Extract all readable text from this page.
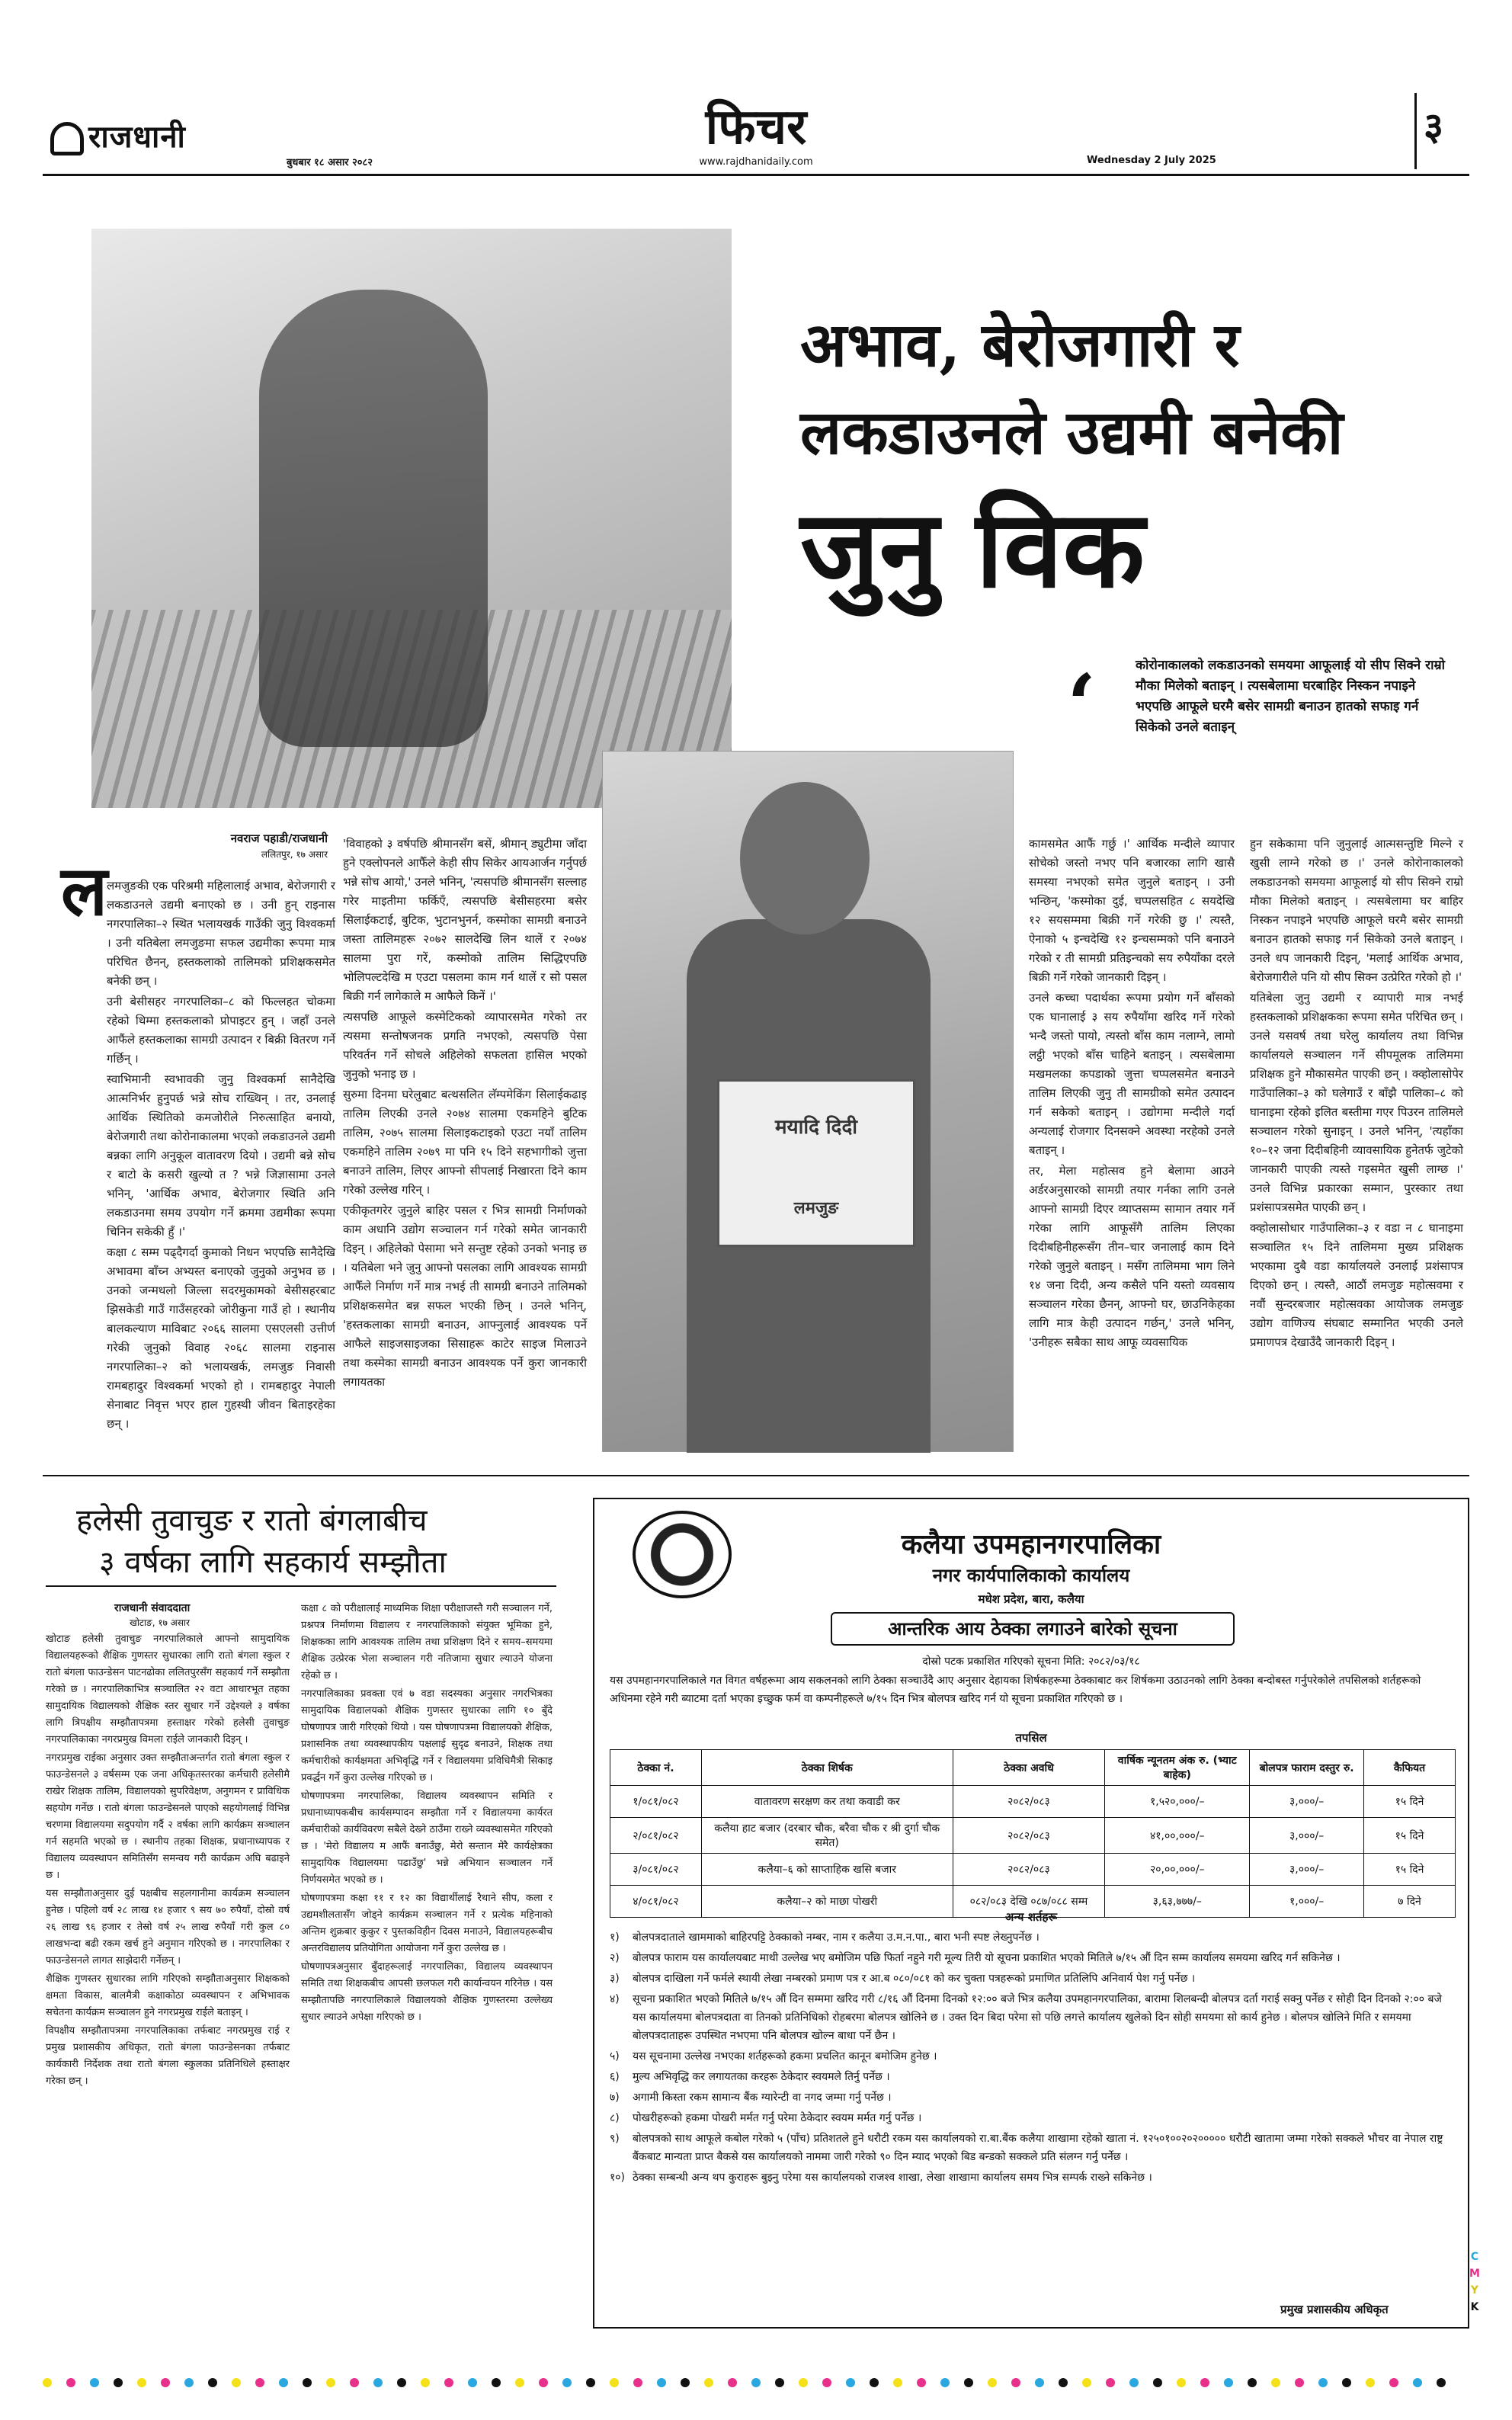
राजधानी
बुधबार १८ असार २०८२
फिचर
www.rajdhanidaily.com	Wednesday 2 July 2025
३
अभाव, बेरोजगारी र
लकडाउनले उद्यमी बनेकी
जुनु विक
‘	कोरोनाकालको लकडाउनको समयमा आफूलाई यो सीप सिक्ने राम्रो मौका मिलेको बताइन् । त्यसबेलामा घरबाहिर निस्कन नपाइने भएपछि आफूले घरमै बसेर सामग्री बनाउन हातको सफाइ गर्न सिकेको उनले बताइन्
मयादि दिदी
लमजुङ
नवराज पहाडी/राजधानी
ललितपुर, १७ असार
ल

लमजुङकी एक परिश्रमी महिलालाई अभाव, बेरोजगारी र लकडाउनले उद्यमी बनाएको छ । उनी हुन् राइनास नगरपालिका–२ स्थित भलायखर्क गाउँकी जुनु विश्वकर्मा । उनी यतिबेला लमजुङमा सफल उद्यमीका रूपमा मात्र परिचित छैनन्, हस्तकलाको तालिमको प्रशिक्षकसमेत बनेकी छन् ।

उनी बेसीसहर नगरपालिका–८ को फिल्लहत चोकमा रहेको थिम्मा हस्तकलाको प्रोपाइटर हुन् । जहाँ उनले आफैंले हस्तकलाका सामग्री उत्पादन र बिक्री वितरण गर्ने गर्छिन् ।

स्वाभिमानी स्वभावकी जुनु विश्वकर्मा सानैदेखि आत्मनिर्भर हुनुपर्छ भन्ने सोच राख्थिन् । तर, उनलाई आर्थिक स्थितिको कमजोरीले निरुत्साहित बनायो, बेरोजगारी तथा कोरोनाकालमा भएको लकडाउनले उद्यमी बन्नका लागि अनुकूल वातावरण दियो । उद्यमी बन्ने सोच र बाटो के कसरी खुल्यो त ? भन्ने जिज्ञासामा उनले भनिन्, 'आर्थिक अभाव, बेरोजगार स्थिति अनि लकडाउनमा समय उपयोग गर्ने क्रममा उद्यमीका रूपमा चिनिन सकेकी हुँ ।'

कक्षा ८ सम्म पढ्दैगर्दा कुमाको निधन भएपछि सानैदेखि अभावमा बाँच्न अभ्यस्त बनाएको जुनुको अनुभव छ । उनको जन्मथलो जिल्ला सदरमुकामको बेसीसहरबाट झिसकेडी गाउँ गाउँसहरको जोरीकुना गाउँ हो । स्थानीय बालकल्याण माविबाट २०६६ सालमा एसएलसी उत्तीर्ण गरेकी जुनुको विवाह २०६८ सालमा राइनास नगरपालिका–२ को भलायखर्क, लमजुङ निवासी रामबहादुर विश्वकर्मा भएको हो । रामबहादुर नेपाली सेनाबाट निवृत्त भएर हाल गुहस्थी जीवन बिताइरहेका छन् ।

'विवाहको ३ वर्षपछि श्रीमानसँग बसें, श्रीमान् ड्युटीमा जाँदा हुने एक्लोपनले आफैँले केही सीप सिकेर आयआर्जन गर्नुपर्छ भन्ने सोच आयो,' उनले भनिन्, 'त्यसपछि श्रीमानसँग सल्लाह गरेर माइतीमा फर्किएँ, त्यसपछि बेसीसहरमा बसेर सिलाईकटाई, बुटिक, भुटानभुनर्न, कस्मोका सामग्री बनाउने जस्ता तालिमहरू २०७२ सालदेखि लिन थालें र २०७४ सालमा पुरा गरें, कस्मोको तालिम सिद्धिएपछि भोलिपल्टदेखि म एउटा पसलमा काम गर्न थालें र सो पसल बिक्री गर्न लागेकाले म आफैले किनें ।'

त्यसपछि आफूले कस्मेटिकको व्यापारसमेत गरेको तर त्यसमा सन्तोषजनक प्रगति नभएको, त्यसपछि पेसा परिवर्तन गर्ने सोचले अहिलेको सफलता हासिल भएको जुनुको भनाइ छ ।

सुरुमा दिनमा घरेलुबाट बत्थसलित लॅम्पमेकिंग सिलाईकढाइ तालिम लिएकी उनले २०७४ सालमा एकमहिने बुटिक तालिम, २०७५ सालमा सिलाइकटाइको एउटा नयाँ तालिम एकमहिने तालिम २०७९ मा पनि १५ दिने सहभागीको जुत्ता बनाउने तालिम, लिएर आफ्नो सीपलाई निखारता दिने काम गरेको उल्लेख गरिन् ।

एकीकृतगरेर जुनुले बाहिर पसल र भित्र सामग्री निर्माणको काम अधानि उद्योग सञ्चालन गर्न गरेको समेत जानकारी दिइन् । अहिलेको पेसामा भने सन्तुष्ट रहेको उनको भनाइ छ । यतिबेला भने जुनु आफ्नो पसलका लागि आवश्यक सामग्री आफैँले निर्माण गर्ने मात्र नभई ती सामग्री बनाउने तालिमको प्रशिक्षकसमेत बन्न सफल भएकी छिन् । उनले भनिन्, 'हस्तकलाका सामग्री बनाउन, आफ्नुलाई आवश्यक पर्ने आफैले साइजसाइजका सिसाहरू काटेर साइज मिलाउने तथा कस्मेका सामग्री बनाउन आवश्यक पर्ने कुरा जानकारी लगायतका

कामसमेत आफैं गर्छु ।' आर्थिक मन्दीले व्यापार सोचेको जस्तो नभए पनि बजारका लागि खासै समस्या नभएको समेत जुनुले बताइन् । उनी भन्छिन्, 'कस्मोका दुई, चप्पलसहित ८ सयदेखि १२ सयसम्ममा बिक्री गर्ने गरेकी छु ।' त्यस्तै, ऐनाको ५ इन्चदेखि १२ इन्चसम्मको पनि बनाउने गरेको र ती सामग्री प्रतिइन्चको सय रुपैयाँका दरले बिक्री गर्ने गरेको जानकारी दिइन् ।

उनले कच्चा पदार्थका रूपमा प्रयोग गर्ने बाँसको एक घानालाई ३ सय रुपैयाँमा खरिद गर्ने गरेको भन्दै जस्तो पायो, त्यस्तो बाँस काम नलाग्ने, लामो लट्ठी भएको बाँस चाहिने बताइन् । त्यसबेलामा मखमलका कपडाको जुत्ता चप्पलसमेत बनाउने तालिम लिएकी जुनु ती सामग्रीको समेत उत्पादन गर्न सकेको बताइन् । उद्योगमा मन्दीले गर्दा अन्यलाई रोजगार दिनसक्ने अवस्था नरहेको उनले बताइन् ।

तर, मेला महोत्सव हुने बेलामा आउने अर्डरअनुसारको सामग्री तयार गर्नका लागि उनले आफ्नो सामग्री दिएर व्याप्तसम्म सामान तयार गर्ने गरेका लागि आफूसँगै तालिम लिएका दिदीबहिनीहरूसँग तीन–चार जनालाई काम दिने गरेको जुनुले बताइन् । मसँग तालिममा भाग लिने १४ जना दिदी, अन्य कसैले पनि यस्तो व्यवसाय सञ्चालन गरेका छैनन्, आफ्नो घर, छाउनिकेहका लागि मात्र केही उत्पादन गर्छन्,' उनले भनिन्, 'उनीहरू सबैका साथ आफू व्यवसायिक

हुन सकेकामा पनि जुनुलाई आत्मसन्तुष्टि मिल्ने र खुसी लाग्ने गरेको छ ।' उनले कोरोनाकालको लकडाउनको समयमा आफूलाई यो सीप सिक्ने राम्रो मौका मिलेको बताइन् । त्यसबेलामा घर बाहिर निस्कन नपाइने भएपछि आफूले घरमै बसेर सामग्री बनाउन हातको सफाइ गर्न सिकेको उनले बताइन् । उनले धप जानकारी दिइन्, 'मलाई आर्थिक अभाव, बेरोजगारीले पनि यो सीप सिक्न उत्प्रेरित गरेको हो ।'

यतिबेला जुनु उद्यमी र व्यापारी मात्र नभई हस्तकलाको प्रशिक्षकका रूपमा समेत परिचित छन् । उनले यसवर्ष तथा घरेलु कार्यालय तथा विभिन्न कार्यालयले सञ्चालन गर्ने सीपमूलक तालिममा प्रशिक्षक हुने मौकासमेत पाएकी छन् । क्व्होलासोपेर गाउँपालिका–३ को घलेगाउँ र बाँझै पालिका–८ को घानाइमा रहेको इलित बस्तीमा गएर पिउरन तालिमले सञ्चालन गरेको सुनाइन् । उनले भनिन्, 'त्यहाँका १०–१२ जना दिदीबहिनी व्यावसायिक हुनेतर्फ जुटेको जानकारी पाएकी त्यस्ते गइसमेत खुसी लाग्छ ।' उनले विभिन्न प्रकारका सम्मान, पुरस्कार तथा प्रशंसापत्रसमेत पाएकी छन् ।

क्व्होलासोधार गाउँपालिका–३ र वडा न ८ घानाइमा सञ्चालित १५ दिने तालिममा मुख्य प्रशिक्षक भएकामा दुबै वडा कार्यालयले उनलाई प्रशंसापत्र दिएको छन् । त्यस्तै, आठौं लमजुङ महोत्सवमा र नवौं सुन्दरबजार महोत्सवका आयोजक लमजुङ उद्योग वाणिज्य संघबाट सम्मानित भएकी उनले प्रमाणपत्र देखाउँदै जानकारी दिइन् ।

हलेसी तुवाचुङ र रातो बंगलाबीच
३ वर्षका लागि सहकार्य सम्झौता
राजधानी संवाददाता
खोटाङ, १७ असार

खोटाङ हलेसी तुवाचुङ नगरपालिकाले आफ्नो सामुदायिक विद्यालयहरूको शैक्षिक गुणस्तर सुधारका लागि रातो बंगला स्कुल र रातो बंगला फाउन्डेसन पाटनढोका ललितपुरसँग सहकार्य गर्ने सम्झौता गरेको छ । नगरपालिकाभित्र सञ्चालित २२ वटा आधारभूत तहका सामुदायिक विद्यालयको शैक्षिक स्तर सुधार गर्ने उद्देश्यले ३ वर्षका लागि त्रिपक्षीय सम्झौतापत्रमा हस्ताक्षर गरेको हलेसी तुवाचुङ नगरपालिकाका नगरप्रमुख विमला राईले जानकारी दिइन् ।

नगरप्रमुख राईका अनुसार उक्त सम्झौताअन्तर्गत रातो बंगला स्कुल र फाउन्डेसनले ३ वर्षसम्म एक जना अधिकृतस्तरका कर्मचारी हलेसीमै राखेर शिक्षक तालिम, विद्यालयको सुपरिवेक्षण, अनुगमन र प्राविधिक सहयोग गर्नेछ । रातो बंगला फाउन्डेसनले पाएको सहयोगलाई विभिन्न चरणमा विद्यालयमा सदुपयोग गर्दै २ वर्षका लागि कार्यक्रम सञ्चालन गर्न सहमति भएको छ । स्थानीय तहका शिक्षक, प्रधानाध्यापक र विद्यालय व्यवस्थापन समितिसँग समन्वय गरी कार्यक्रम अघि बढाइने छ ।

यस सम्झौताअनुसार दुई पक्षबीच सहलगानीमा कार्यक्रम सञ्चालन हुनेछ । पहिलो वर्ष २८ लाख १४ हजार ९ सय ७० रुपैयाँ, दोस्रो वर्ष २६ लाख ९६ हजार र तेस्रो वर्ष २५ लाख रुपैयाँ गरी कुल ८० लाखभन्दा बढी रकम खर्च हुने अनुमान गरिएको छ । नगरपालिका र फाउन्डेसनले लागत साझेदारी गर्नेछन् ।

शैक्षिक गुणस्तर सुधारका लागि गरिएको सम्झौताअनुसार शिक्षकको क्षमता विकास, बालमैत्री कक्षाकोठा व्यवस्थापन र अभिभावक सचेतना कार्यक्रम सञ्चालन हुने नगरप्रमुख राईले बताइन् ।

विपक्षीय सम्झौतापत्रमा नगरपालिकाका तर्फबाट नगरप्रमुख राई र प्रमुख प्रशासकीय अधिकृत, रातो बंगला फाउन्डेसनका तर्फबाट कार्यकारी निर्देशक तथा रातो बंगला स्कुलका प्रतिनिधिले हस्ताक्षर गरेका छन् ।

कक्षा ८ को परीक्षालाई माध्यमिक शिक्षा परीक्षाजस्तै गरी सञ्चालन गर्ने, प्रश्नपत्र निर्माणमा विद्यालय र नगरपालिकाको संयुक्त भूमिका हुने, शिक्षकका लागि आवश्यक तालिम तथा प्रशिक्षण दिने र समय–समयमा शैक्षिक उत्प्रेरक भेला सञ्चालन गरी नतिजामा सुधार ल्याउने योजना रहेको छ ।

नगरपालिकाका प्रवक्ता एवं ७ वडा सदस्यका अनुसार नगरभित्रका सामुदायिक विद्यालयको शैक्षिक गुणस्तर सुधारका लागि १० बुँदे घोषणापत्र जारी गरिएको थियो । यस घोषणापत्रमा विद्यालयको शैक्षिक, प्रशासनिक तथा व्यवस्थापकीय पक्षलाई सुदृढ बनाउने, शिक्षक तथा कर्मचारीको कार्यक्षमता अभिवृद्धि गर्ने र विद्यालयमा प्रविधिमैत्री सिकाइ प्रवर्द्धन गर्ने कुरा उल्लेख गरिएको छ ।

घोषणापत्रमा नगरपालिका, विद्यालय व्यवस्थापन समिति र प्रधानाध्यापकबीच कार्यसम्पादन सम्झौता गर्ने र विद्यालयमा कार्यरत कर्मचारीको कार्यविवरण सबैले देख्ने ठाउँमा राख्ने व्यवस्थासमेत गरिएको छ । 'मेरो विद्यालय म आफैं बनाउँछु, मेरो सन्तान मेरै कार्यक्षेत्रका सामुदायिक विद्यालयमा पढाउँछु' भन्ने अभियान सञ्चालन गर्ने निर्णयसमेत भएको छ ।

घोषणापत्रमा कक्षा ११ र १२ का विद्यार्थीलाई रैथाने सीप, कला र उद्यमशीलतासँग जोड्ने कार्यक्रम सञ्चालन गर्ने र प्रत्येक महिनाको अन्तिम शुक्रबार कुकुर र पुस्तकविहीन दिवस मनाउने, विद्यालयहरूबीच अन्तरविद्यालय प्रतियोगिता आयोजना गर्ने कुरा उल्लेख छ ।

घोषणापत्रअनुसार बुँदाहरूलाई नगरपालिका, विद्यालय व्यवस्थापन समिति तथा शिक्षकबीच आपसी छलफल गरी कार्यान्वयन गरिनेछ । यस सम्झौतापछि नगरपालिकाले विद्यालयको शैक्षिक गुणस्तरमा उल्लेख्य सुधार ल्याउने अपेक्षा गरिएको छ ।

कलैया उपमहानगरपालिका
नगर कार्यपालिकाको कार्यालय
मधेश प्रदेश, बारा, कलैया
आन्तरिक आय ठेक्का लगाउने बारेको सूचना
दोस्रो पटक प्रकाशित गरिएको सूचना मिति: २०८२/०३/१८
यस उपमहानगरपालिकाले गत विगत वर्षहरूमा आय सकलनको लागि ठेक्का सञ्चाउँदै आए अनुसार देहायका शिर्षकहरूमा ठेक्काबाट कर शिर्षकमा उठाउनको लागि ठेक्का बन्दोबस्त गर्नुपरेकोले तपसिलको शर्तहरूको अधिनमा रहेने गरी ब्याटमा दर्ता भएका इच्छुक फर्म वा कम्पनीहरूले ७/१५ दिन भित्र बोलपत्र खरिद गर्न यो सूचना प्रकाशित गरिएको छ ।
तपसिल
ठेक्का नं.	ठेक्का शिर्षक	ठेक्का अवधि	वार्षिक न्यूनतम अंक रु. (भ्याट बाहेक)	बोलपत्र फाराम दस्तुर रु.	कैफियत
१/०८१/०८२	वातावरण सरक्षण कर तथा कवाडी कर	२०८२/०८३	१,५२०,०००/–	३,०००/–	१५ दिने
२/०८१/०८२	कलैया हाट बजार (दरबार चौक, बरैवा चौक र श्री दुर्गा चौक समेत)	२०८२/०८३	४१,००,०००/–	३,०००/–	१५ दिने
३/०८१/०८२	कलैया–६ को साप्ताहिक खसि बजार	२०८२/०८३	२०,००,०००/–	३,०००/–	१५ दिने
४/०८१/०८२	कलैया–२ को माछा पोखरी	०८२/०८३ देखि ०८७/०८८ सम्म	३,६३,७७७/–	१,०००/–	७ दिने
अन्य शर्तहरू
१)	बोलपत्रदाताले खाममाको बाहिरपट्टि ठेक्काको नम्बर, नाम र कलैया उ.म.न.पा., बारा भनी स्पष्ट लेख्नुपर्नेछ ।
२)	बोलपत्र फाराम यस कार्यालयबाट माथी उल्लेख भए बमोजिम पछि फिर्ता नहुने गरी मूल्य तिरी यो सूचना प्रकाशित भएको मितिले ७/१५ औं दिन सम्म कार्यालय समयमा खरिद गर्न सकिनेछ ।
३)	बोलपत्र दाखिला गर्ने फर्मले स्थायी लेखा नम्बरको प्रमाण पत्र र आ.ब ०८०/०८१ को कर चुक्ता पत्रहरूको प्रमाणित प्रतिलिपि अनिवार्य पेश गर्नु पर्नेछ ।
४)	सूचना प्रकाशित भएको मितिले ७/१५ औं दिन सम्ममा खरिद गरी ८/१६ औं दिनमा दिनको १२:०० बजे भित्र कलैया उपमहानगरपालिका, बारामा शिलबन्दी बोलपत्र दर्ता गराई सक्नु पर्नेछ र सोही दिन दिनको २:०० बजे यस कार्यालयमा बोलपत्रदाता वा तिनको प्रतिनिधिको रोहबरमा बोलपत्र खोलिने छ । उक्त दिन बिदा परेमा सो पछि लगत्ते कार्यालय खुलेको दिन सोही समयमा सो कार्य हुनेछ । बोलपत्र खोलिने मिति र समयमा बोलपत्रदाताहरू उपस्थित नभएमा पनि बोलपत्र खोल्न बाधा पर्ने छैन ।
५)	यस सूचनामा उल्लेख नभएका शर्तहरूको हकमा प्रचलित कानून बमोजिम हुनेछ ।
६)	मुल्य अभिवृद्धि कर लगायतका करहरू ठेकेदार स्वयमले तिर्नु पर्नेछ ।
७)	अगामी किस्ता रकम सामान्य बैंक ग्यारेन्टी वा नगद जम्मा गर्नु पर्नेछ ।
८)	पोखरीहरूको हकमा पोखरी मर्मत गर्नु परेमा ठेकेदार स्वयम मर्मत गर्नु पर्नेछ ।
९)	बोलपत्रको साथ आफूले कबोल गरेको ५ (पाँच) प्रतिशतले हुने धरौटी रकम यस कार्यालयको रा.बा.बैंक कलैया शाखामा रहेको खाता नं. १२५०१००२०२००००० धरौटी खातामा जम्मा गरेको सक्कले भौचर वा नेपाल राष्ट्र बैंकबाट मान्यता प्राप्त बैकसे यस कार्यालयको नाममा जारी गरेको ९० दिन म्याद भएको बिड बन्डको सक्कले प्रति संलग्न गर्नु पर्नेछ ।
१०) ठेक्का सम्बन्धी अन्य थप कुराहरू बुझ्नु परेमा यस कार्यालयको राजश्व शाखा, लेखा शाखामा कार्यालय समय भित्र सम्पर्क राख्ने सकिनेछ ।
प्रमुख प्रशासकीय अधिकृत
C
M
Y
K
